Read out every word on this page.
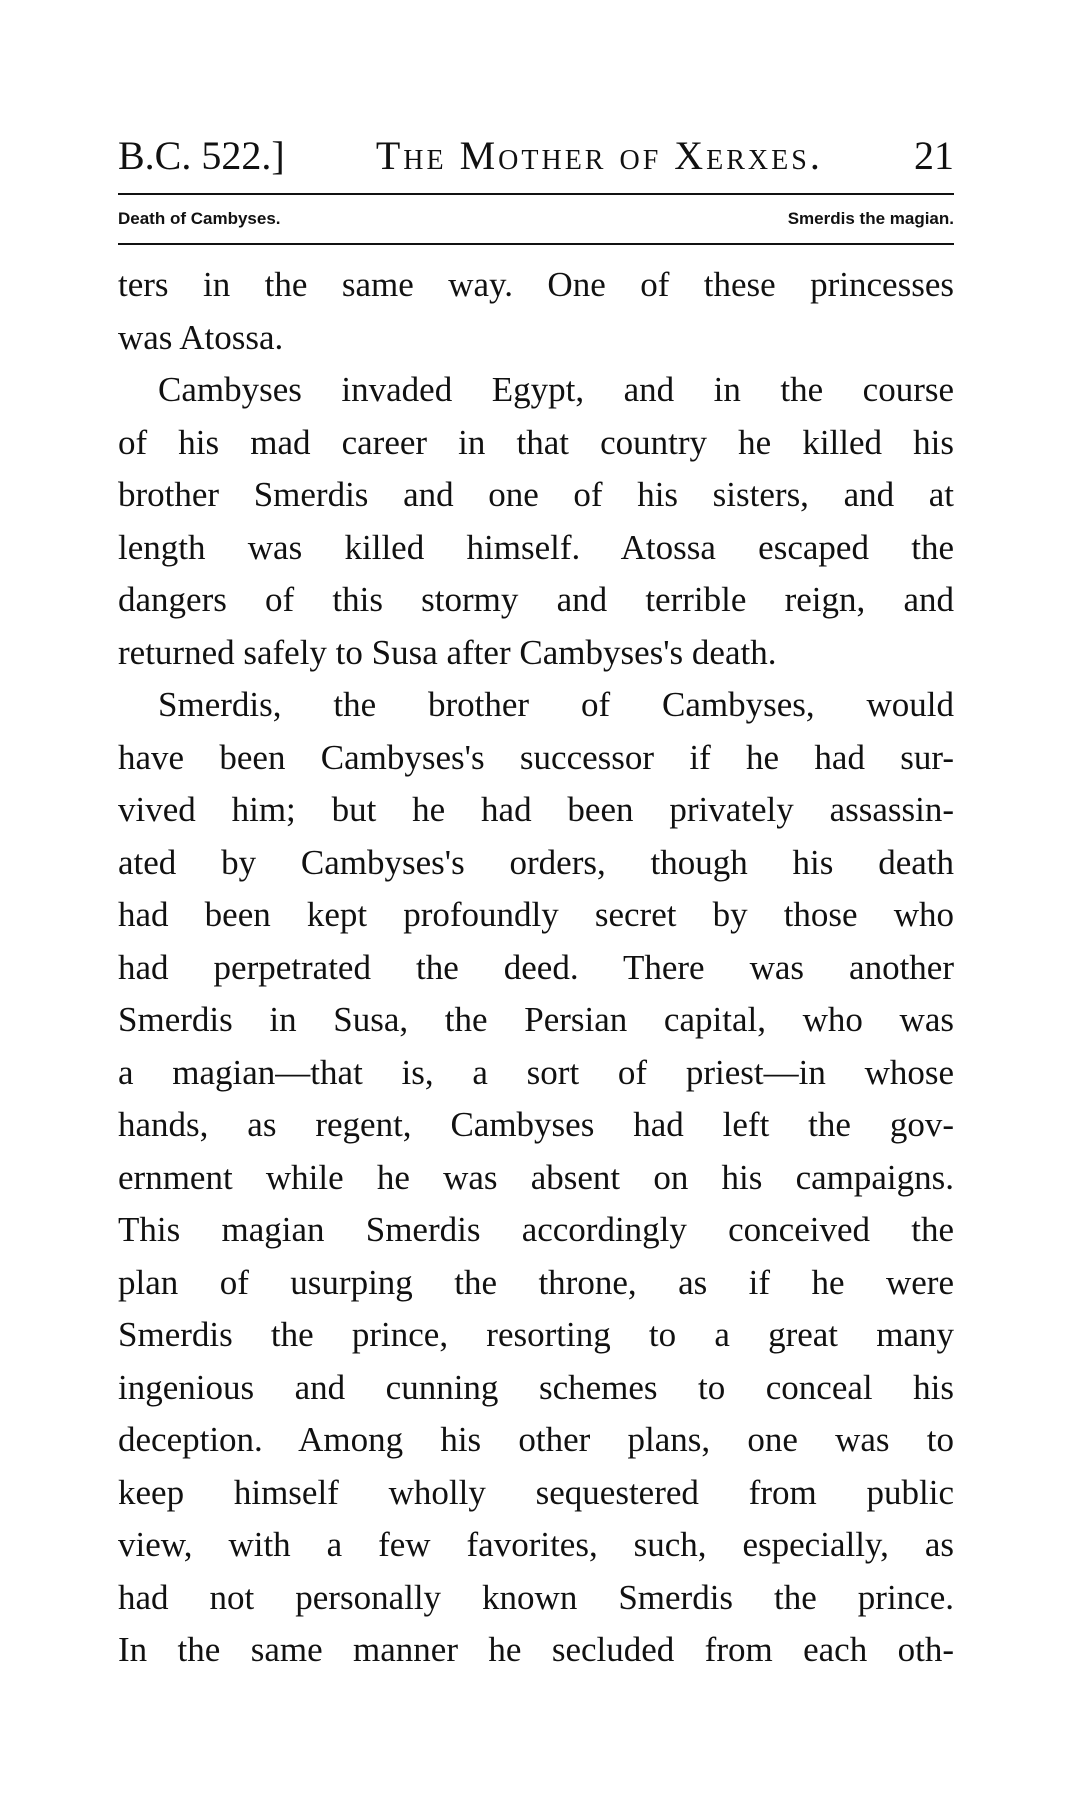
B.C. 522.]	The Mother of Xerxes.	21
Death of Cambyses.	Smerdis the magian.
ters in the same way. One of these princesses
was Atossa.
Cambyses invaded Egypt, and in the course
of his mad career in that country he killed his
brother Smerdis and one of his sisters, and at
length was killed himself. Atossa escaped the
dangers of this stormy and terrible reign, and
returned safely to Susa after Cambyses's death.
Smerdis, the brother of Cambyses, would
have been Cambyses's successor if he had sur-
vived him; but he had been privately assassin-
ated by Cambyses's orders, though his death
had been kept profoundly secret by those who
had perpetrated the deed. There was another
Smerdis in Susa, the Persian capital, who was
a magian—that is, a sort of priest—in whose
hands, as regent, Cambyses had left the gov-
ernment while he was absent on his campaigns.
This magian Smerdis accordingly conceived the
plan of usurping the throne, as if he were
Smerdis the prince, resorting to a great many
ingenious and cunning schemes to conceal his
deception. Among his other plans, one was to
keep himself wholly sequestered from public
view, with a few favorites, such, especially, as
had not personally known Smerdis the prince.
In the same manner he secluded from each oth-
